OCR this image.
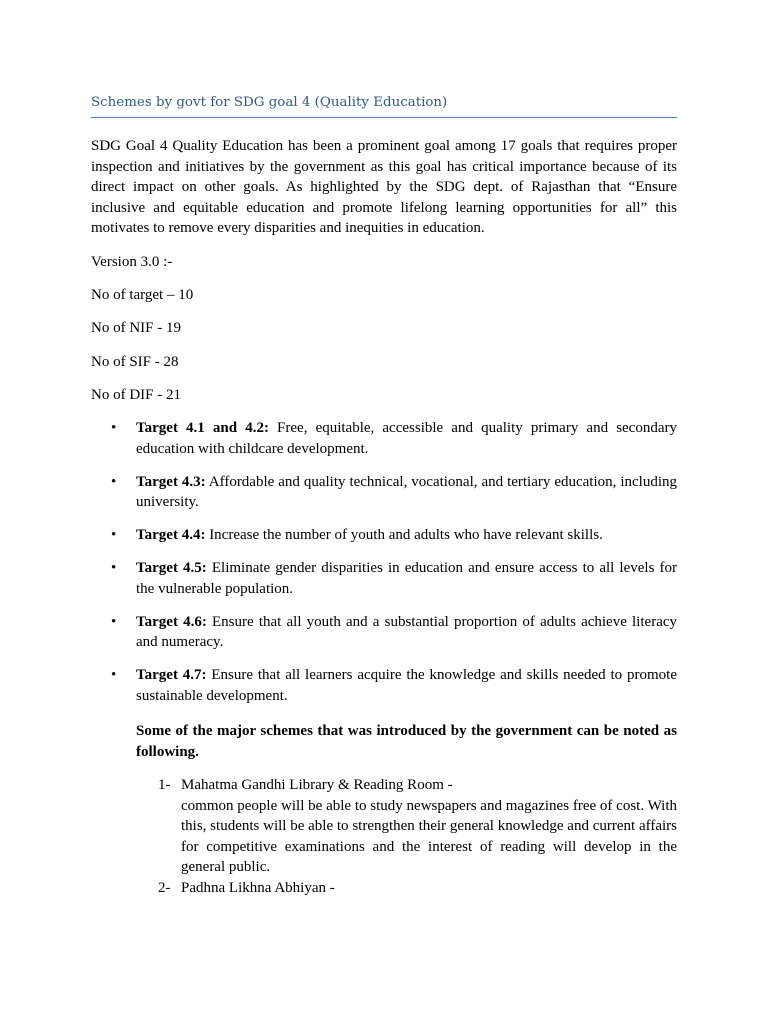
Schemes by govt for SDG goal 4 (Quality Education)

SDG Goal 4 Quality Education has been a prominent goal among 17 goals that requires proper inspection and initiatives by the government as this goal has critical importance because of its direct impact on other goals. As highlighted by the SDG dept. of Rajasthan that “Ensure inclusive and equitable education and promote lifelong learning opportunities for all” this motivates to remove every disparities and inequities in education.

Version 3.0 :-

No of target – 10

No of NIF - 19

No of SIF - 28

No of DIF - 21

• Target 4.1 and 4.2: Free, equitable, accessible and quality primary and secondary education with childcare development.
• Target 4.3: Affordable and quality technical, vocational, and tertiary education, including university.
• Target 4.4: Increase the number of youth and adults who have relevant skills.
• Target 4.5: Eliminate gender disparities in education and ensure access to all levels for the vulnerable population.
• Target 4.6: Ensure that all youth and a substantial proportion of adults achieve literacy and numeracy.
• Target 4.7: Ensure that all learners acquire the knowledge and skills needed to promote sustainable development.

Some of the major schemes that was introduced by the government can be noted as following.

1- Mahatma Gandhi Library & Reading Room -
common people will be able to study newspapers and magazines free of cost. With this, students will be able to strengthen their general knowledge and current affairs for competitive examinations and the interest of reading will develop in the general public.
2- Padhna Likhna Abhiyan -
